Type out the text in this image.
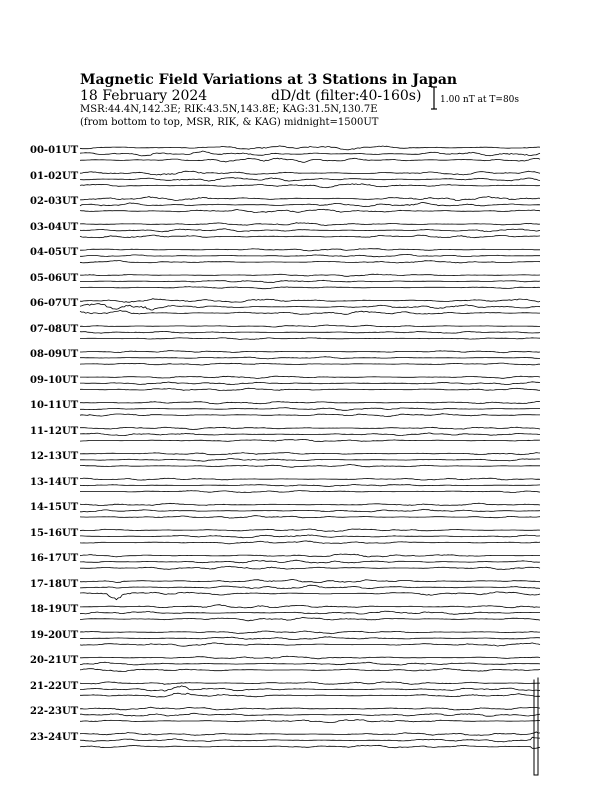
Magnetic Field Variations at 3 Stations in Japan
18 February 2024	dD/dt (filter:40-160s)
MSR:44.4N,142.3E; RIK:43.5N,143.8E; KAG:31.5N,130.7E
(from bottom to top, MSR, RIK, & KAG) midnight=1500UT
1.00 nT at T=80s
00-01UT
01-02UT
02-03UT
03-04UT
04-05UT
05-06UT
06-07UT
07-08UT
08-09UT
09-10UT
10-11UT
11-12UT
12-13UT
13-14UT
14-15UT
15-16UT
16-17UT
17-18UT
18-19UT
19-20UT
20-21UT
21-22UT
22-23UT
23-24UT
